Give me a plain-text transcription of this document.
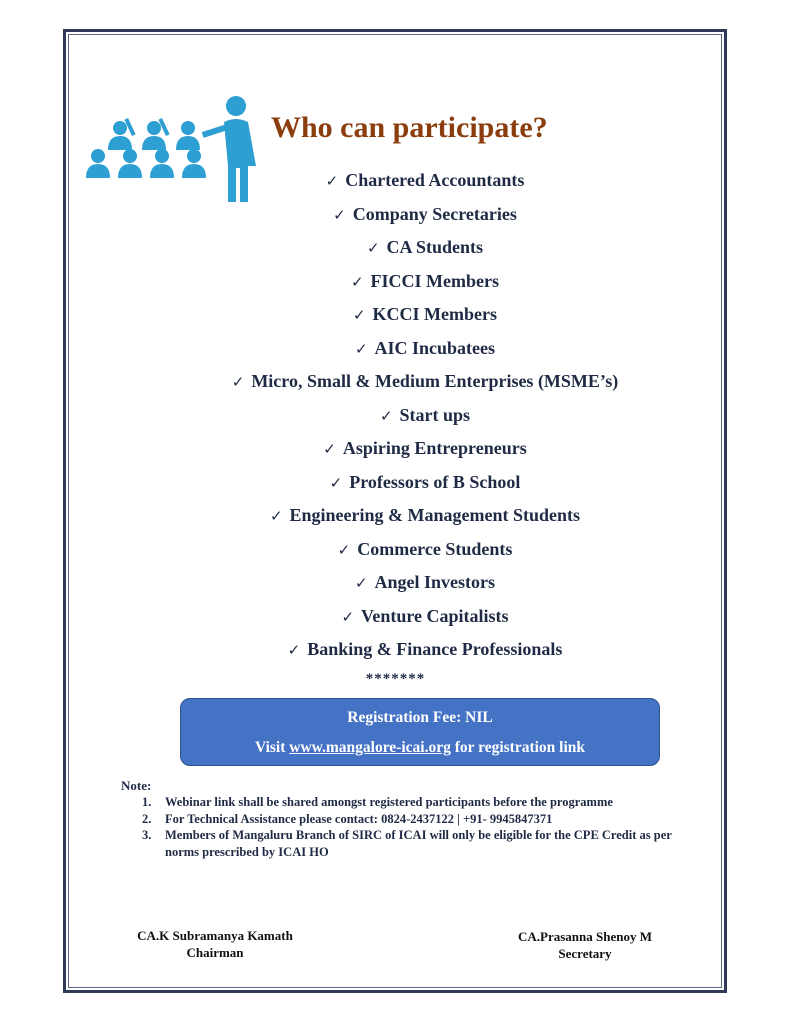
Who can participate?
✓ Chartered Accountants
✓ Company Secretaries
✓ CA Students
✓ FICCI Members
✓ KCCI Members
✓ AIC Incubatees
✓ Micro, Small & Medium Enterprises (MSME’s)
✓ Start ups
✓ Aspiring Entrepreneurs
✓ Professors of B School
✓ Engineering & Management Students
✓ Commerce Students
✓ Angel Investors
✓ Venture Capitalists
✓ Banking & Finance Professionals
*******
Registration Fee: NIL
Visit www.mangalore-icai.org for registration link
Note:
1. Webinar link shall be shared amongst registered participants before the programme
2. For Technical Assistance please contact: 0824-2437122 | +91- 9945847371
3. Members of Mangaluru Branch of SIRC of ICAI will only be eligible for the CPE Credit as per norms prescribed by ICAI HO
CA.K Subramanya Kamath
Chairman
CA.Prasanna Shenoy M
Secretary
